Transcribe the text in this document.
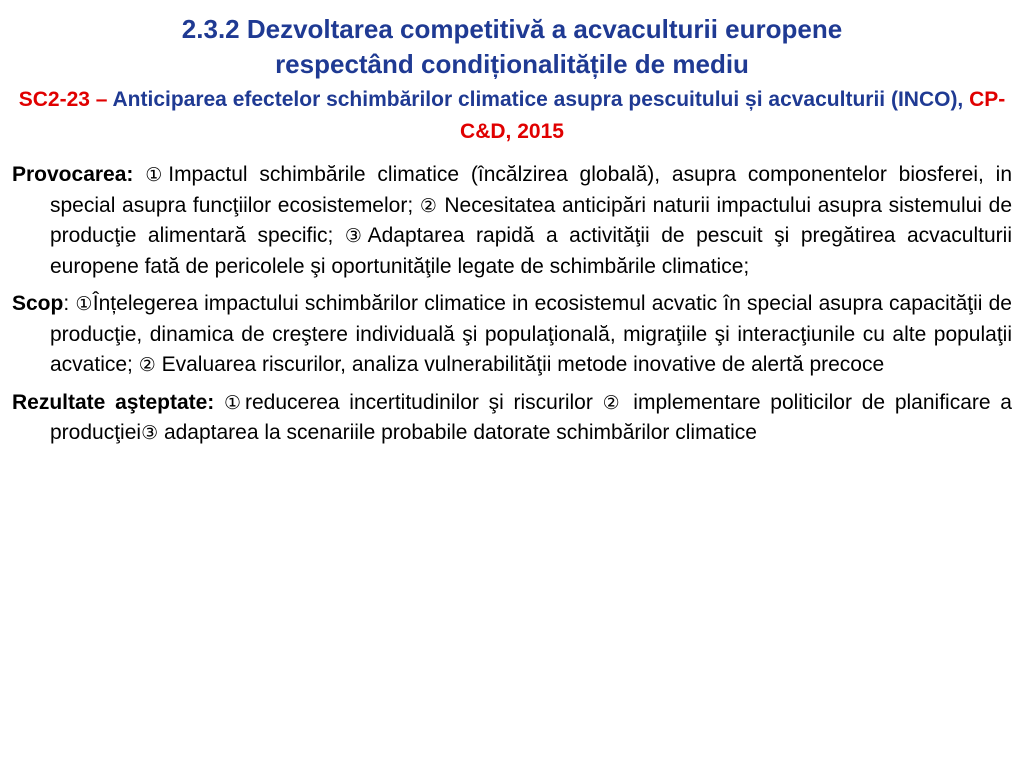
2.3.2 Dezvoltarea competitivă a acvaculturii europene
respectând condiționalitățile de mediu

SC2-23 – Anticiparea efectelor schimbărilor climatice asupra pescuitului și acvaculturii (INCO), CP-C&D, 2015

Provocarea: ①Impactul schimbările climatice (încălzirea globală), asupra componentelor biosferei, in special asupra funcţiilor ecosistemelor; ② Necesitatea anticipări naturii impactului asupra sistemului de producţie alimentară specific; ③Adaptarea rapidă a activităţii de pescuit şi pregătirea acvaculturii europene fată de pericolele şi oportunităţile legate de schimbările climatice;

Scop: ①Înțelegerea impactului schimbărilor climatice in ecosistemul acvatic în special asupra capacităţii de producţie, dinamica de creştere individuală şi populaţională, migraţiile şi interacţiunile cu alte populaţii acvatice; ② Evaluarea riscurilor, analiza vulnerabilităţii metode inovative de alertă precoce

Rezultate aşteptate: ①reducerea incertitudinilor şi riscurilor ② implementare politicilor de planificare a producţiei③ adaptarea la scenariile probabile datorate schimbărilor climatice
